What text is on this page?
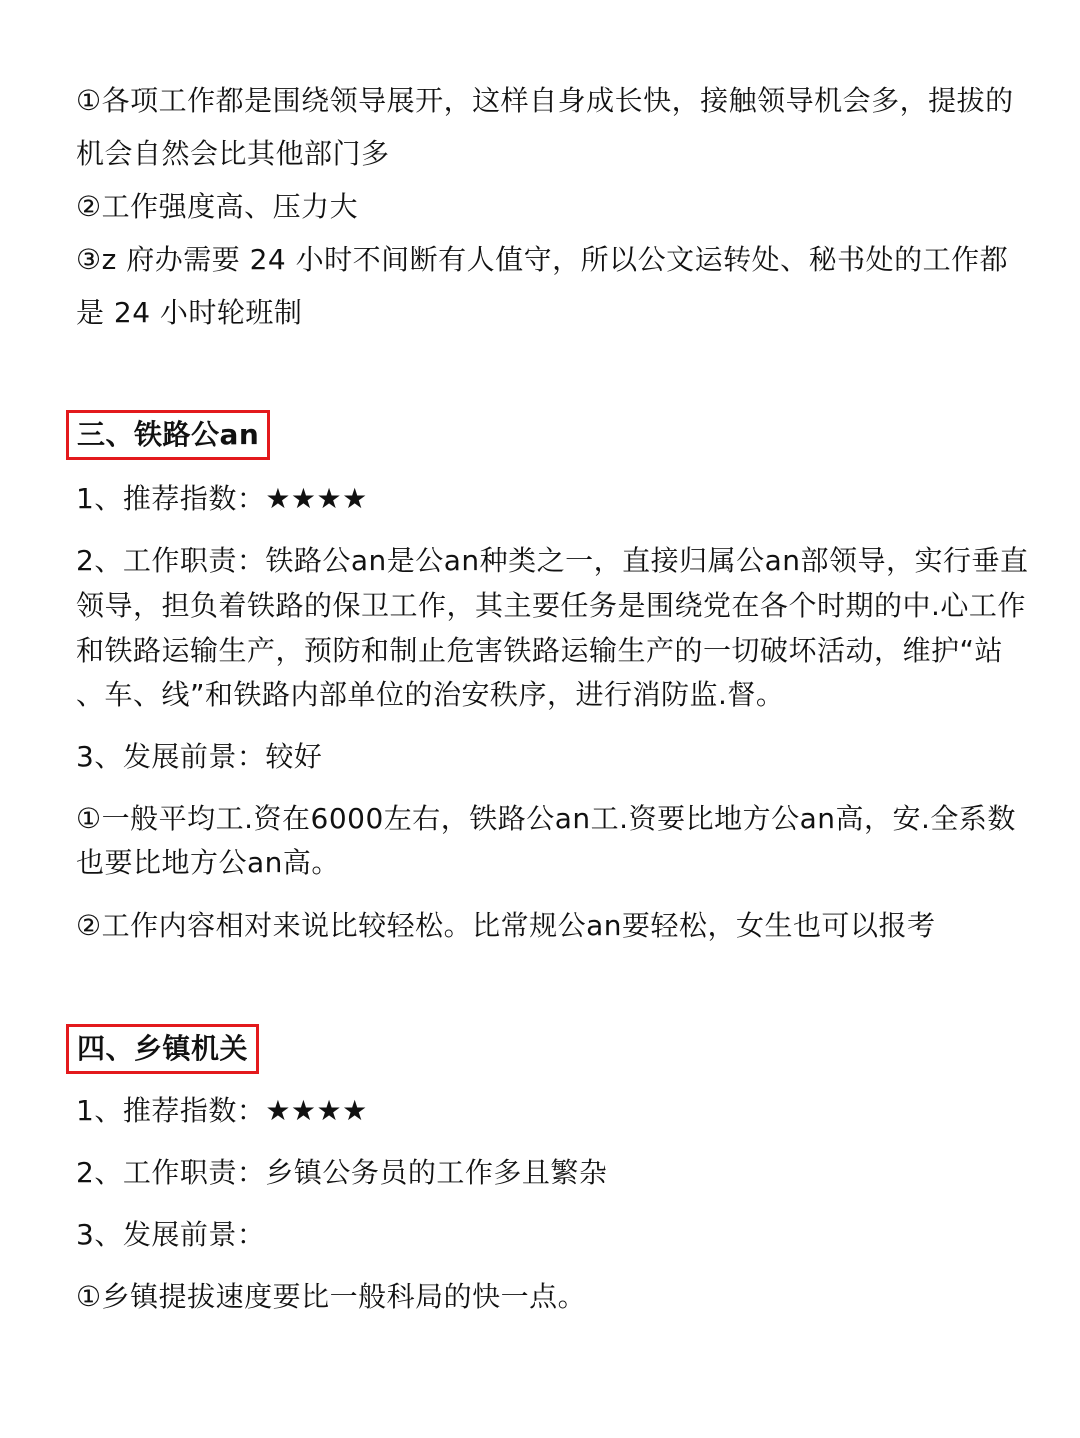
①各项工作都是围绕领导展开，这样自身成长快，接触领导机会多，提拔的
机会自然会比其他部门多
②工作强度高、压力大
③z 府办需要 24 小时不间断有人值守，所以公文运转处、秘书处的工作都
是 24 小时轮班制
三、铁路公an
1、推荐指数：★★★★
2、工作职责：铁路公an是公an种类之一，直接归属公an部领导，实行垂直
领导，担负着铁路的保卫工作，其主要任务是围绕党在各个时期的中.心工作
和铁路运输生产，预防和制止危害铁路运输生产的一切破坏活动，维护“站
、车、线”和铁路内部单位的治安秩序，进行消防监.督。
3、发展前景：较好
①一般平均工.资在6000左右，铁路公an工.资要比地方公an高，安.全系数
也要比地方公an高。
②工作内容相对来说比较轻松。比常规公an要轻松，女生也可以报考
四、乡镇机关
1、推荐指数：★★★★
2、工作职责：乡镇公务员的工作多且繁杂
3、发展前景：
①乡镇提拔速度要比一般科局的快一点。
